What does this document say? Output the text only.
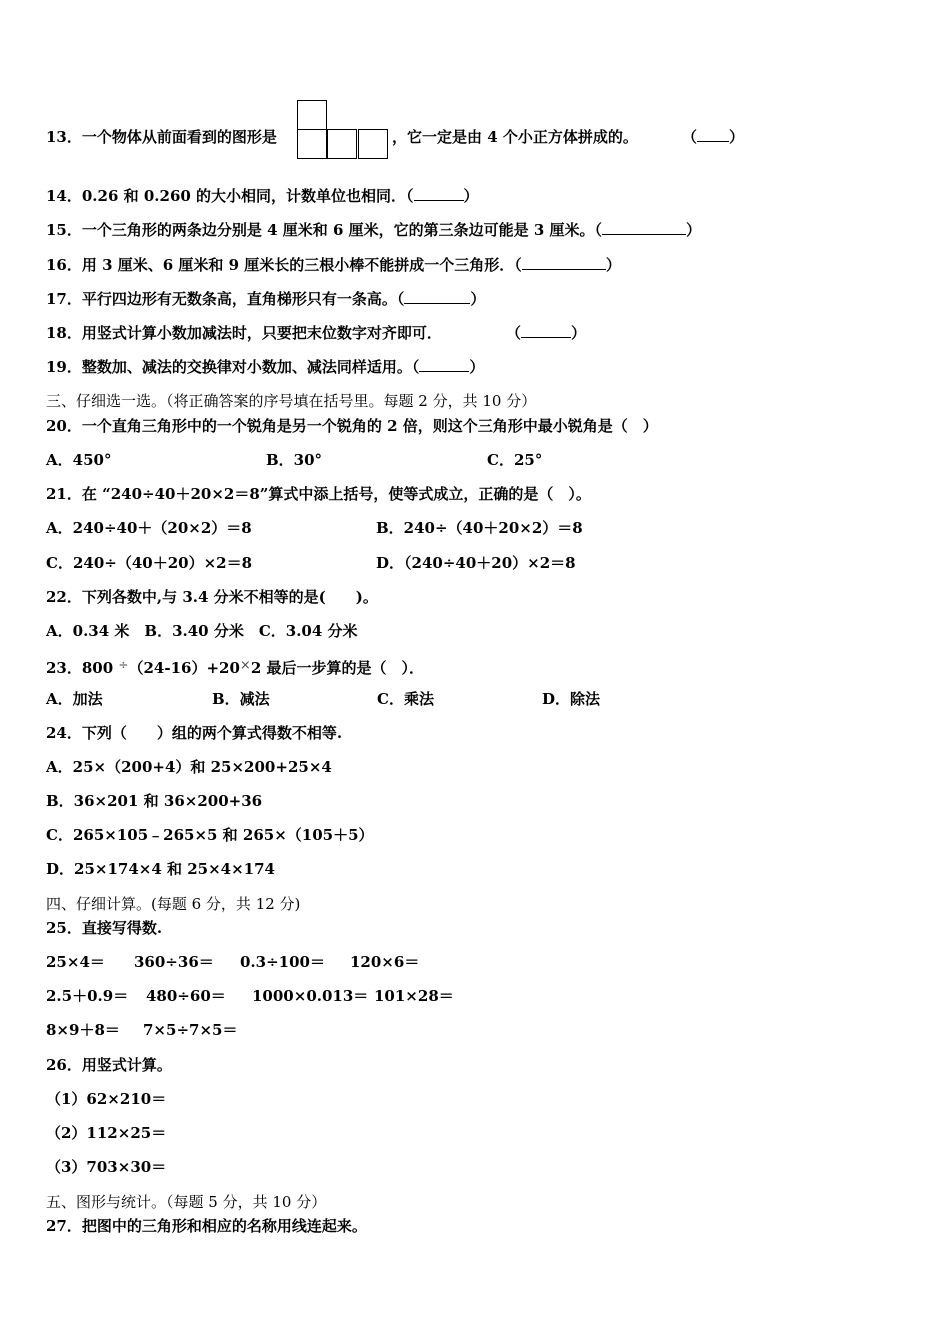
13．一个物体从前面看到的图形是	，它一定是由 4 个小正方体拼成的。	（ ）
14．0.26 和 0.260 的大小相同，计数单位也相同．（	）
15．一个三角形的两条边分别是 4 厘米和 6 厘米，它的第三条边可能是 3 厘米。（	）
16．用 3 厘米、6 厘米和 9 厘米长的三根小棒不能拼成一个三角形．（	）
17．平行四边形有无数条高，直角梯形只有一条高。（	）
18．用竖式计算小数加减法时，只要把末位数字对齐即可．	（	）
19．整数加、减法的交换律对小数加、减法同样适用。（	）
三、仔细选一选。（将正确答案的序号填在括号里。每题 2 分，共 10 分）
20．一个直角三角形中的一个锐角是另一个锐角的 2 倍，则这个三角形中最小锐角是（　）
A．450°	B．30°	C．25°
21．在 “240÷40＋20×2＝8”算式中添上括号，使等式成立，正确的是（　）。
A．240÷40＋（20×2）＝8	B．240÷（40＋20×2）＝8
C．240÷（40＋20）×2＝8	D．（240÷40＋20）×2＝8
22．下列各数中,与 3.4 分米不相等的是(　　)。
A．0.34 米　B．3.40 分米　C．3.04 分米
23．800 ÷（24-16）+20×2 最后一步算的是（　）．
A．加法	B．减法	C．乘法	D．除法
24．下列（　　）组的两个算式得数不相等.
A．25×（200+4）和 25×200+25×4
B．36×201 和 36×200+36
C．265×105﹣265×5 和 265×（105＋5）
D．25×174×4 和 25×4×174
四、仔细计算。(每题 6 分，共 12 分)
25．直接写得数.
25×4＝ 360÷36＝ 0.3÷100＝ 120×6＝
2.5＋0.9＝ 480÷60＝ 1000×0.013＝ 101×28＝
8×9＋8＝ 7×5÷7×5＝
26．用竖式计算。
（1）62×210＝
（2）112×25＝
（3）703×30＝
五、图形与统计。（每题 5 分，共 10 分）
27．把图中的三角形和相应的名称用线连起来。
